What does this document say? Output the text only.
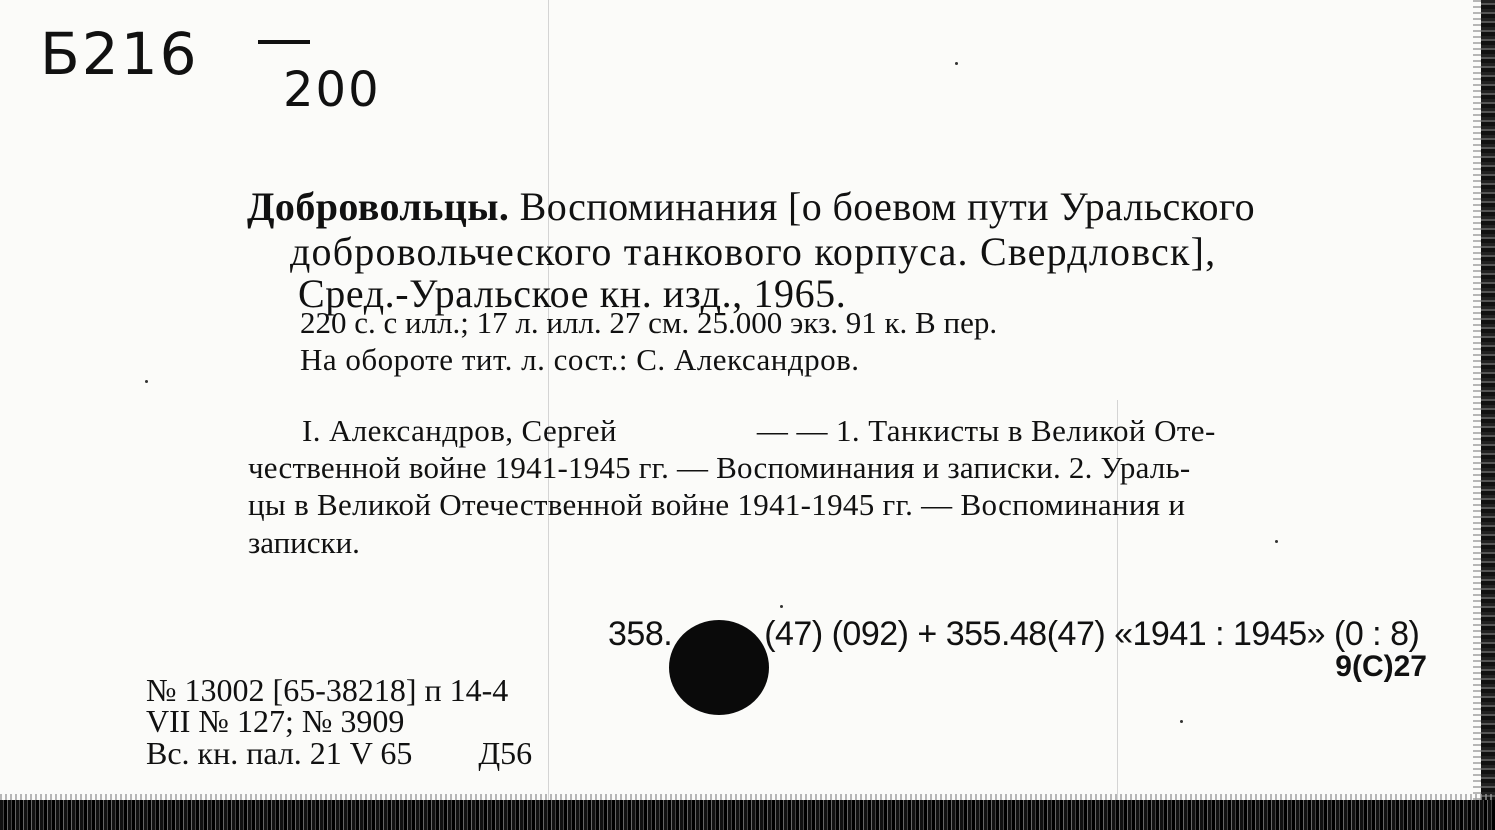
Б216
200
Добровольцы. Воспоминания [о боевом пути Уральского
добровольческого танкового корпуса. Свердловск],
Сред.-Уральское кн. изд., 1965.
220 с. с илл.; 17 л. илл. 27 см. 25.000 экз. 91 к. В пер.
На обороте тит. л. сост.: С. Александров.
I. Александров, Сергей	— — 1. Танкисты в Великой Оте-
чественной войне 1941-1945 гг. — Воспоминания и записки. 2. Ураль-
цы в Великой Отечественной войне 1941-1945 гг. — Воспоминания и
записки.
358.	(47) (092) + 355.48(47) «1941 : 1945» (0 : 8)
9(С)27
№ 13002 [65-38218] п 14-4
VII № 127; № 3909
Вс. кн. пал. 21 V 65 Д56
